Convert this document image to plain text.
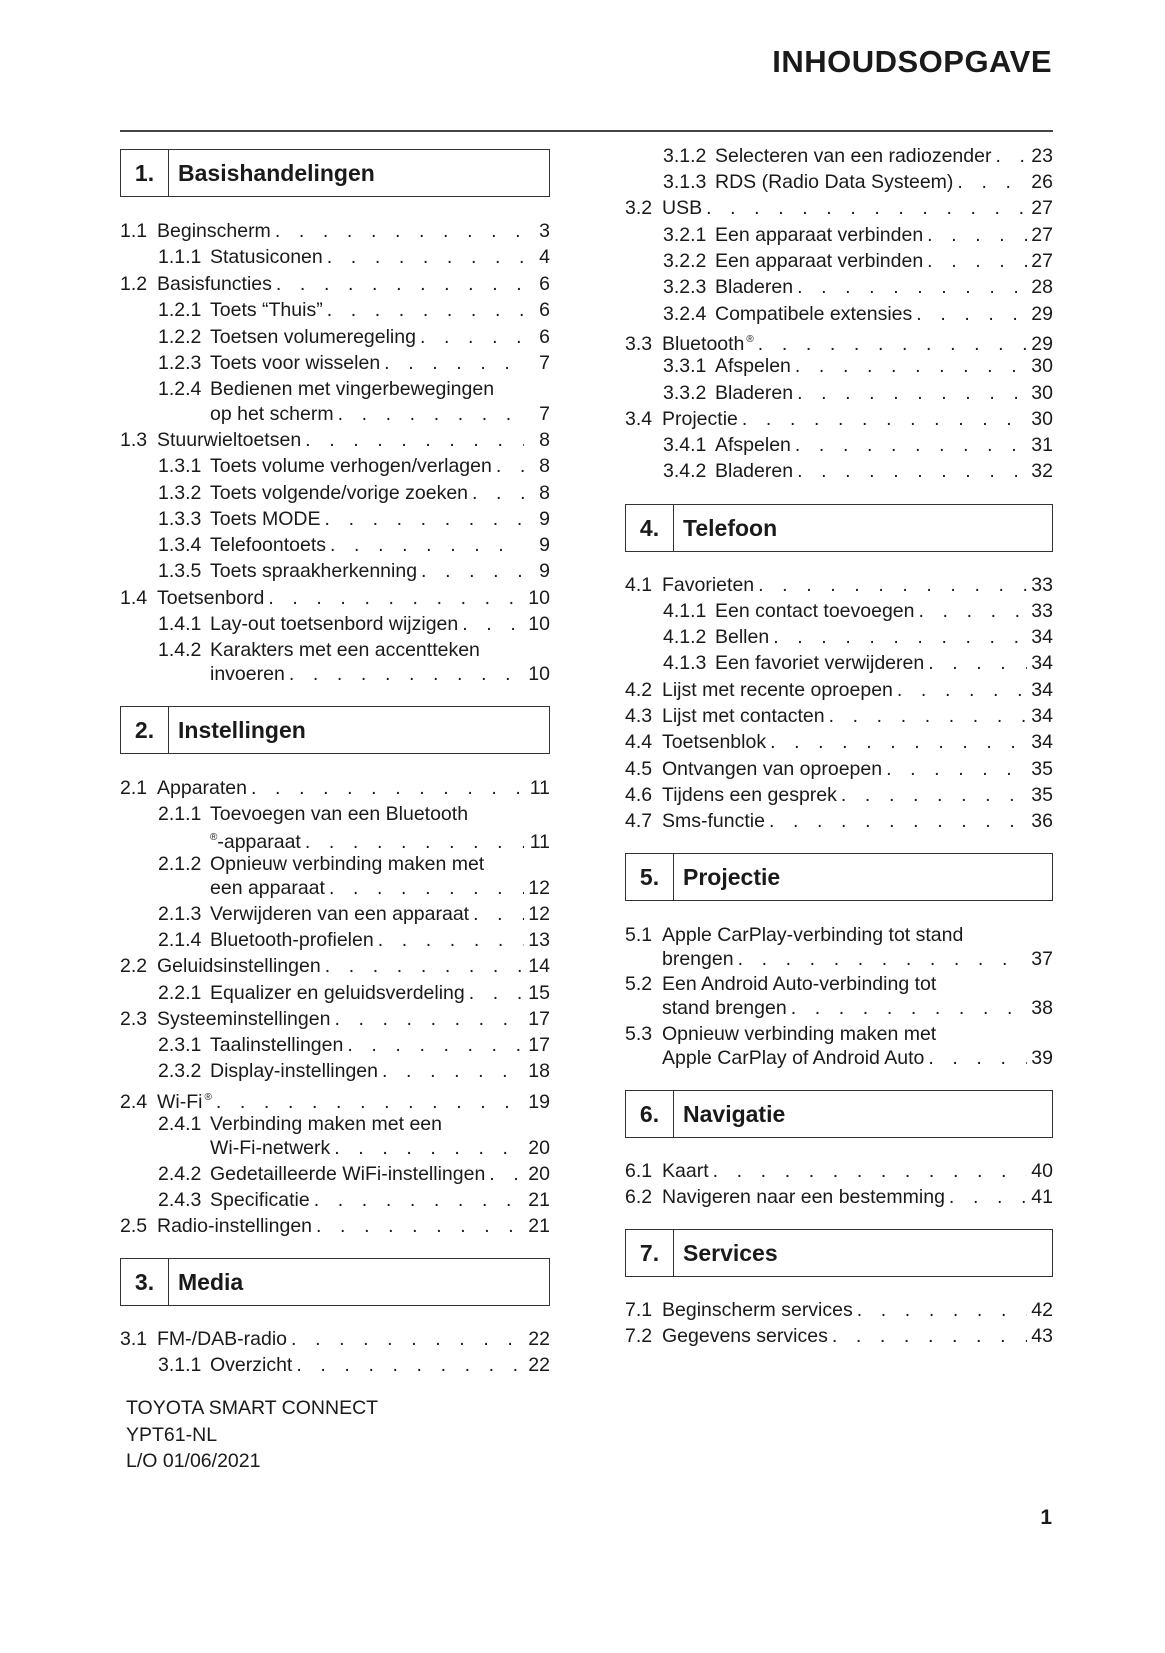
INHOUDSOPGAVE
1.	Basishandelingen
1.1 Beginscherm . . .	3
1.1.1 Statusiconen . . .	4
1.2 Basisfuncties . . .	6
1.2.1 Toets “Thuis” . . .	6
1.2.2 Toetsen volumeregeling . . .	6
1.2.3 Toets voor wisselen . . .	7
1.2.4 Bedienen met vingerbewegingen
op het scherm . . .	7
1.3 Stuurwieltoetsen . . .	8
1.3.1 Toets volume verhogen/verlagen . . .	8
1.3.2 Toets volgende/vorige zoeken . . .	8
1.3.3 Toets MODE . . .	9
1.3.4 Telefoontoets . . .	9
1.3.5 Toets spraakherkenning . . .	9
1.4 Toetsenbord . . .	10
1.4.1 Lay-out toetsenbord wijzigen . . .	10
1.4.2 Karakters met een accentteken
invoeren . . .	10
2.	Instellingen
2.1 Apparaten . . .	11
2.1.1 Toevoegen van een Bluetooth
®-apparaat . . .	11
2.1.2 Opnieuw verbinding maken met
een apparaat . . .	12
2.1.3 Verwijderen van een apparaat . . .	12
2.1.4 Bluetooth-profielen . . .	13
2.2 Geluidsinstellingen . . .	14
2.2.1 Equalizer en geluidsverdeling . . .	15
2.3 Systeeminstellingen . . .	17
2.3.1 Taalinstellingen . . .	17
2.3.2 Display-instellingen . . .	18
2.4 Wi-Fi ® . . .	19
2.4.1 Verbinding maken met een
Wi-Fi-netwerk . . .	20
2.4.2 Gedetailleerde WiFi-instellingen . . . 20
2.4.3 Specificatie . . .	21
2.5 Radio-instellingen . . .	21
3.	Media
3.1 FM-/DAB-radio . . .	22
3.1.1 Overzicht . . .	22
3.1.2 Selecteren van een radiozender . . . 23
3.1.3 RDS (Radio Data Systeem) . . .	26
3.2 USB . . .	27
3.2.1 Een apparaat verbinden . . .	27
3.2.2 Een apparaat verbinden . . .	27
3.2.3 Bladeren . . .	28
3.2.4 Compatibele extensies . . .	29
3.3 Bluetooth ® . . .	29
3.3.1 Afspelen . . .	30
3.3.2 Bladeren . . .	30
3.4 Projectie . . .	30
3.4.1 Afspelen . . .	31
3.4.2 Bladeren . . .	32
4.	Telefoon
4.1 Favorieten . . .	33
4.1.1 Een contact toevoegen . . .	33
4.1.2 Bellen . . .	34
4.1.3 Een favoriet verwijderen . . .	34
4.2 Lijst met recente oproepen . . .	34
4.3 Lijst met contacten . . .	34
4.4 Toetsenblok . . .	34
4.5 Ontvangen van oproepen . . .	35
4.6 Tijdens een gesprek . . .	35
4.7 Sms-functie . . .	36
5.	Projectie
5.1 Apple CarPlay-verbinding tot stand
brengen . . .	37
5.2 Een Android Auto-verbinding tot
stand brengen . . .	38
5.3 Opnieuw verbinding maken met
Apple CarPlay of Android Auto . . .	39
6.	Navigatie
6.1 Kaart . . .	40
6.2 Navigeren naar een bestemming . . .	41
7.	Services
7.1 Beginscherm services . . .	42
7.2 Gegevens services . . .	43
TOYOTA SMART CONNECT
YPT61-NL
L/O 01/06/2021
1
